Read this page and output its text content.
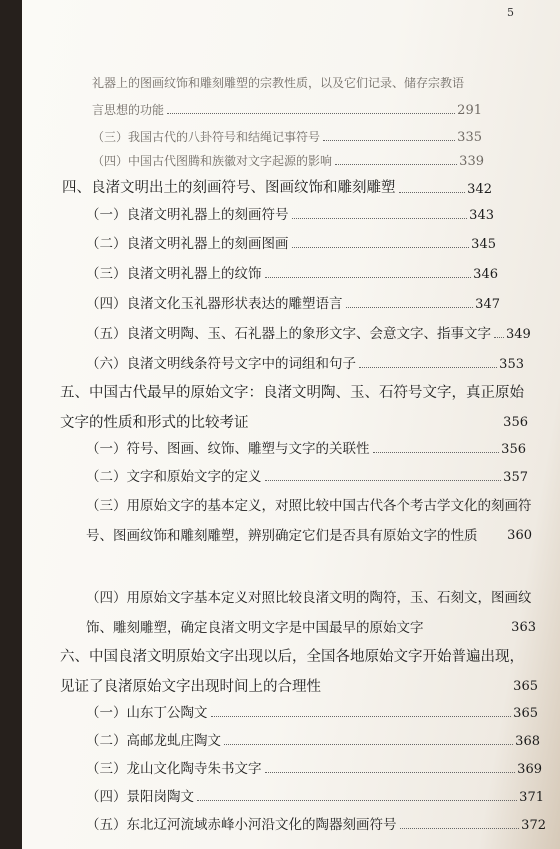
5
礼器上的图画纹饰和雕刻雕塑的宗教性质，以及它们记录、储存宗教语
言思想的功能	291
（三）我国古代的八卦符号和结绳记事符号	335
（四）中国古代图腾和族徽对文字起源的影响	339
四、良渚文明出土的刻画符号、图画纹饰和雕刻雕塑	342
（一）良渚文明礼器上的刻画符号	343
（二）良渚文明礼器上的刻画图画	345
（三）良渚文明礼器上的纹饰	346
（四）良渚文化玉礼器形状表达的雕塑语言	347
（五）良渚文明陶、玉、石礼器上的象形文字、会意文字、指事文字 349
（六）良渚文明线条符号文字中的词组和句子	353
五、中国古代最早的原始文字：良渚文明陶、玉、石符号文字，真正原始文字的性质和形式的比较考证	356
（一）符号、图画、纹饰、雕塑与文字的关联性	356
（二）文字和原始文字的定义	357
（三）用原始文字的基本定义，对照比较中国古代各个考古学文化的刻画符号、图画纹饰和雕刻雕塑，辨别确定它们是否具有原始文字的性质	360
（四）用原始文字基本定义对照比较良渚文明的陶符，玉、石刻文，图画纹饰、雕刻雕塑，确定良渚文明文字是中国最早的原始文字	363
六、中国良渚文明原始文字出现以后，全国各地原始文字开始普遍出现，见证了良渚原始文字出现时间上的合理性	365
（一）山东丁公陶文	365
（二）高邮龙虬庄陶文	368
（三）龙山文化陶寺朱书文字	369
（四）景阳岗陶文	371
（五）东北辽河流域赤峰小河沿文化的陶器刻画符号	372
